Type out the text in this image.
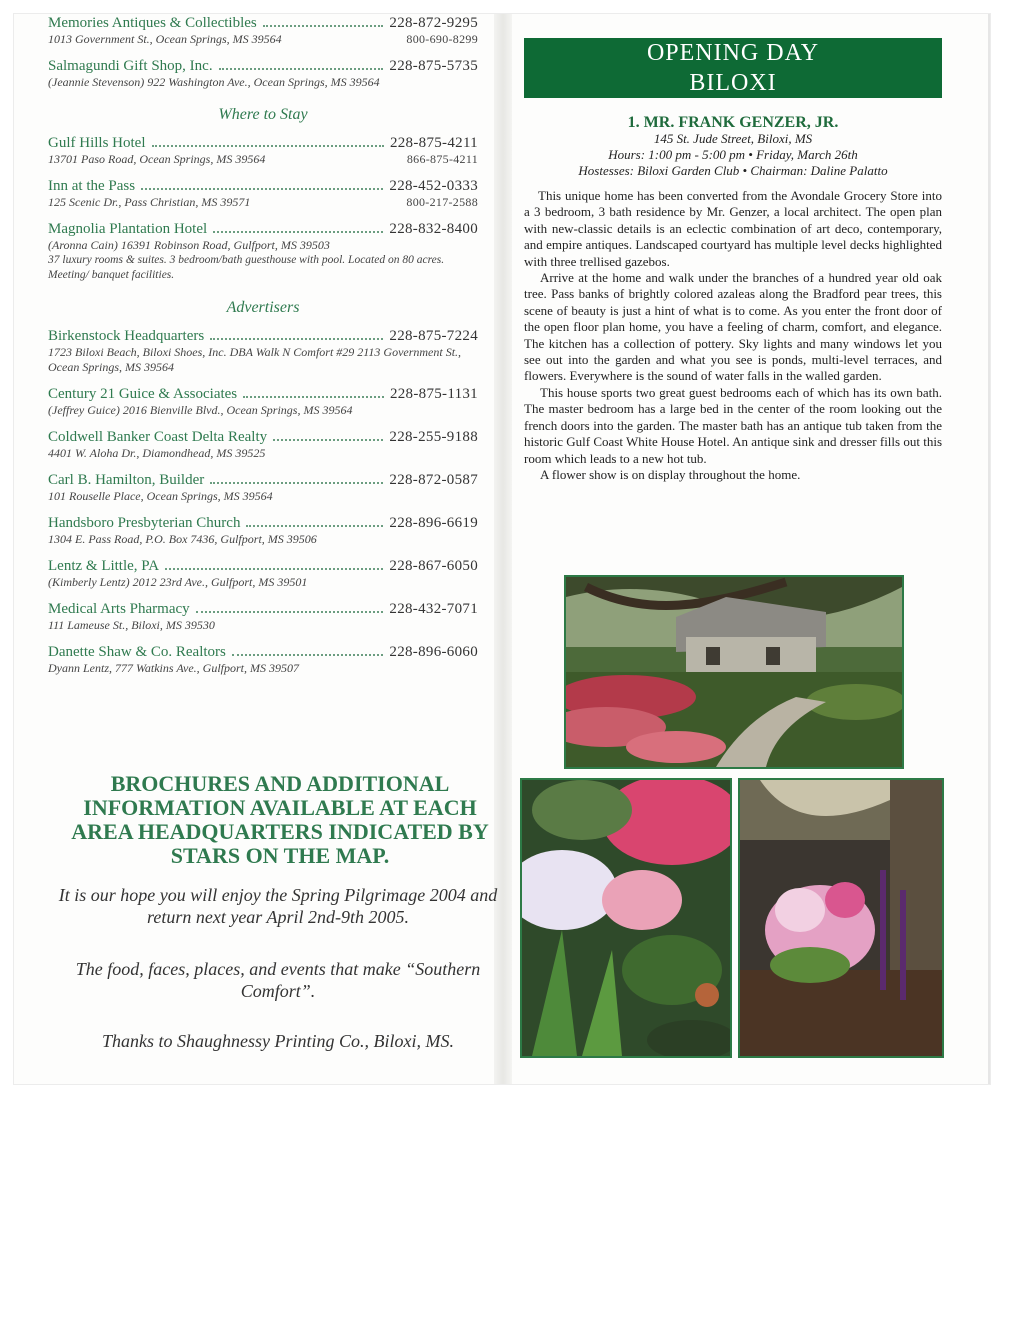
Memories Antiques & Collectibles	228-872-9295
1013 Government St., Ocean Springs, MS 39564	800-690-8299
Salmagundi Gift Shop, Inc.	228-875-5735
(Jeannie Stevenson) 922 Washington Ave., Ocean Springs, MS 39564
Where to Stay
Gulf Hills Hotel	228-875-4211
13701 Paso Road, Ocean Springs, MS 39564	866-875-4211
Inn at the Pass	228-452-0333
125 Scenic Dr., Pass Christian, MS 39571	800-217-2588
Magnolia Plantation Hotel	228-832-8400
(Aronna Cain) 16391 Robinson Road, Gulfport, MS 39503
37 luxury rooms & suites. 3 bedroom/bath guesthouse with pool. Located on 80 acres. Meeting/ banquet facilities.
Advertisers
Birkenstock Headquarters	228-875-7224
1723 Biloxi Beach, Biloxi Shoes, Inc. DBA Walk N Comfort #29 2113 Government St., Ocean Springs, MS 39564
Century 21 Guice & Associates	228-875-1131
(Jeffrey Guice) 2016 Bienville Blvd., Ocean Springs, MS 39564
Coldwell Banker Coast Delta Realty	228-255-9188
4401 W. Aloha Dr., Diamondhead, MS 39525
Carl B. Hamilton, Builder	228-872-0587
101 Rouselle Place, Ocean Springs, MS 39564
Handsboro Presbyterian Church	228-896-6619
1304 E. Pass Road, P.O. Box 7436, Gulfport, MS 39506
Lentz & Little, PA	228-867-6050
(Kimberly Lentz) 2012 23rd Ave., Gulfport, MS 39501
Medical Arts Pharmacy	228-432-7071
111 Lameuse St., Biloxi, MS 39530
Danette Shaw & Co. Realtors	228-896-6060
Dyann Lentz, 777 Watkins Ave., Gulfport, MS 39507
BROCHURES AND ADDITIONAL INFORMATION AVAILABLE AT EACH AREA HEADQUARTERS INDICATED BY STARS ON THE MAP.
It is our hope you will enjoy the Spring Pilgrimage 2004 and return next year April 2nd-9th 2005.
The food, faces, places, and events that make “Southern Comfort”.
Thanks to Shaughnessy Printing Co., Biloxi, MS.
OPENING DAY
BILOXI
1. MR. FRANK GENZER, JR.
145 St. Jude Street, Biloxi, MS
Hours: 1:00 pm - 5:00 pm • Friday, March 26th
Hostesses: Biloxi Garden Club • Chairman: Daline Palatto

This unique home has been converted from the Avondale Grocery Store into a 3 bedroom, 3 bath residence by Mr. Genzer, a local architect. The open plan with new-classic details is an eclectic combination of art deco, contemporary, and empire antiques. Landscaped courtyard has multiple level decks highlighted with three trellised gazebos.

Arrive at the home and walk under the branches of a hundred year old oak tree. Pass banks of brightly colored azaleas along the Bradford pear trees, this scene of beauty is just a hint of what is to come. As you enter the front door of the open floor plan home, you have a feeling of charm, comfort, and elegance. The kitchen has a collection of pottery. Sky lights and many windows let you see out into the garden and what you see is ponds, multi-level terraces, and flowers. Everywhere is the sound of water falls in the walled garden.

This house sports two great guest bedrooms each of which has its own bath. The master bedroom has a large bed in the center of the room looking out the french doors into the garden. The master bath has an antique tub taken from the historic Gulf Coast White House Hotel. An antique sink and dresser fills out this room which leads to a new hot tub.

A flower show is on display throughout the home.
